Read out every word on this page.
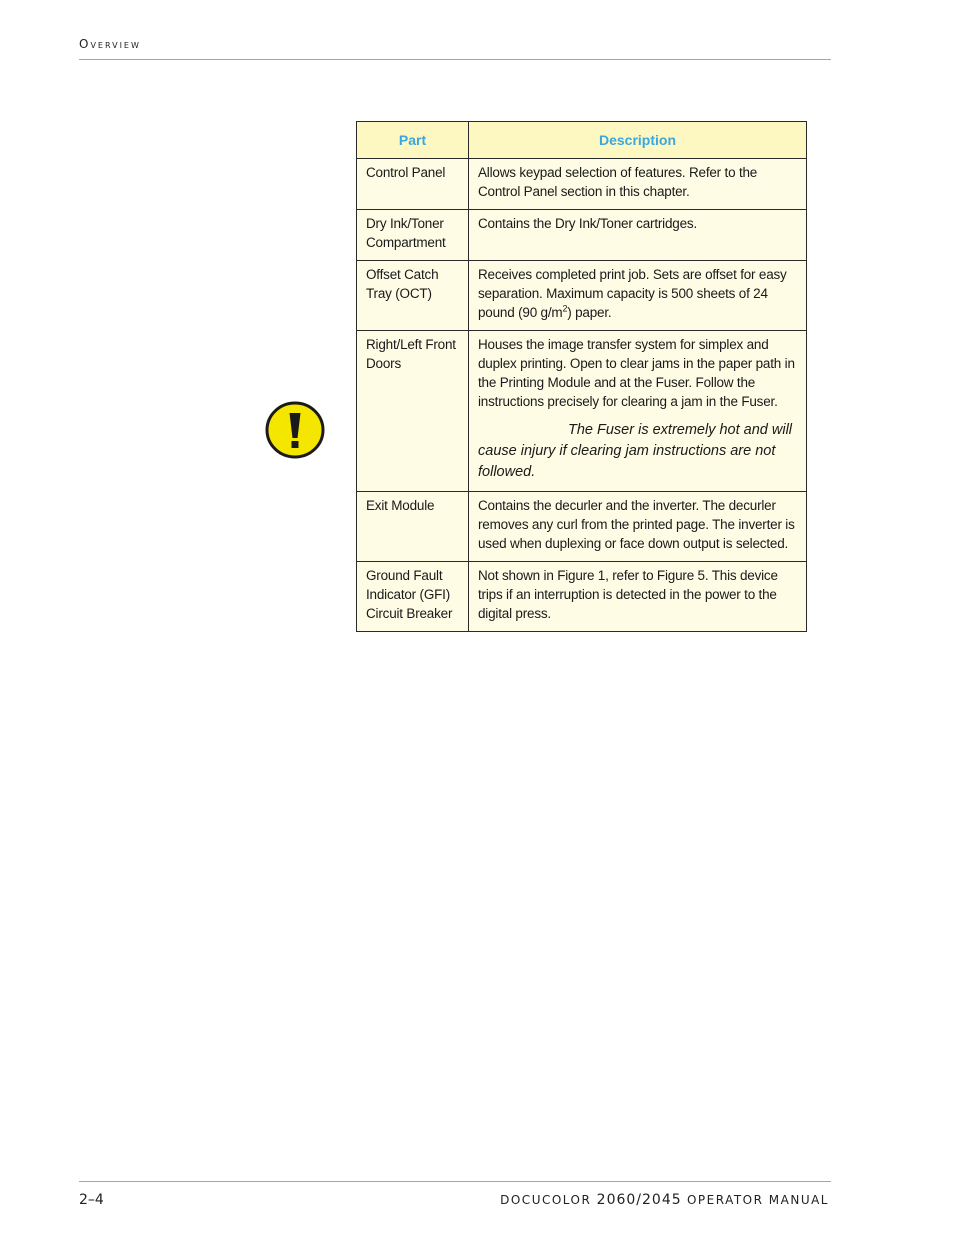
Overview
Part	Description

Control Panel	Allows keypad selection of features. Refer to the Control Panel section in this chapter.

Dry Ink/Toner Compartment	Contains the Dry Ink/Toner cartridges.

Offset Catch Tray (OCT)	Receives completed print job. Sets are offset for easy separation. Maximum capacity is 500 sheets of 24 pound (90 $g/m^2$) paper.

Right/Left Front Doors	Houses the image transfer system for simplex and duplex printing. Open to clear jams in the paper path in the Printing Module and at the Fuser. Follow the instructions precisely for clearing a jam in the Fuser.
The Fuser is extremely hot and will cause injury if clearing jam instructions are not followed.

Exit Module	Contains the decurler and the inverter. The decurler removes any curl from the printed page. The inverter is used when duplexing or face down output is selected.

Ground Fault Indicator (GFI) Circuit Breaker	Not shown in Figure 1, refer to Figure 5. This device trips if an interruption is detected in the power to the digital press.
2–4	DOCUCOLOR 2060/2045 OPERATOR MANUAL
